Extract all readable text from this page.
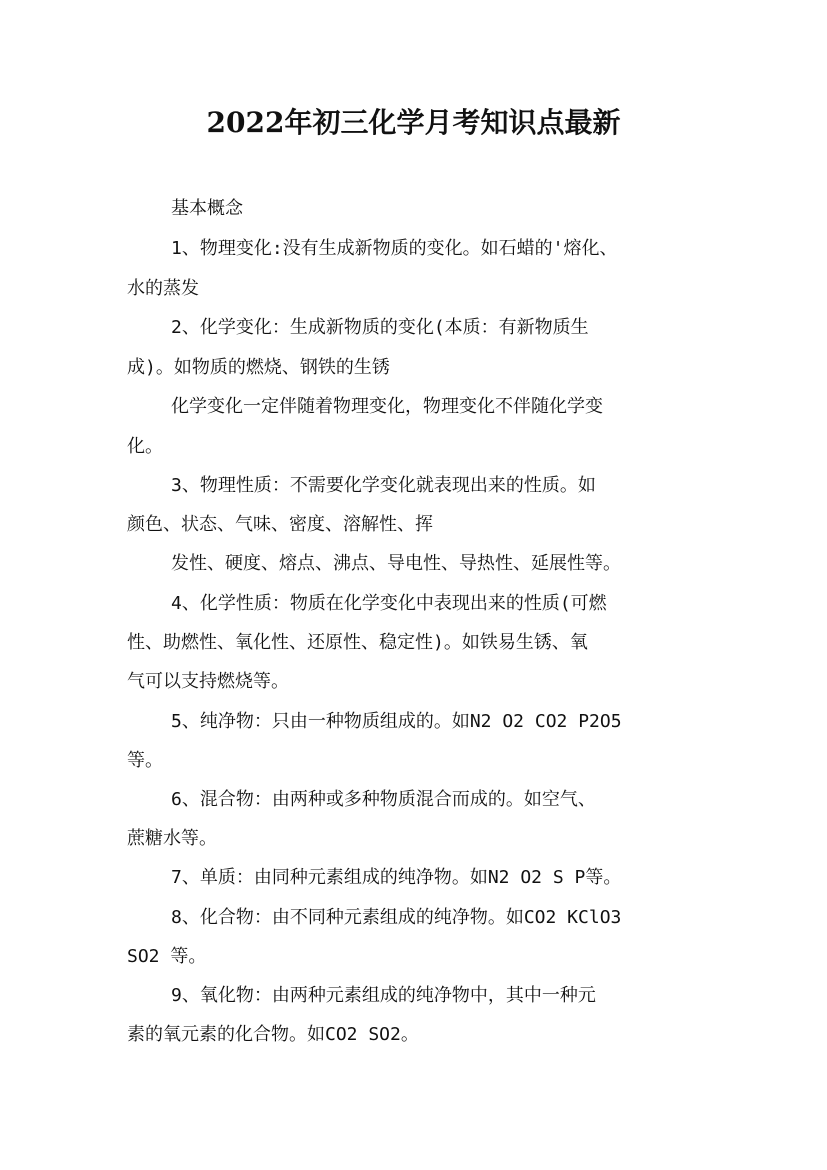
2022年初三化学月考知识点最新
基本概念
1、物理变化:没有生成新物质的变化。如石蜡的'熔化、
水的蒸发
2、化学变化：生成新物质的变化(本质：有新物质生
成)。如物质的燃烧、钢铁的生锈
化学变化一定伴随着物理变化，物理变化不伴随化学变
化。
3、物理性质：不需要化学变化就表现出来的性质。如
颜色、状态、气味、密度、溶解性、挥
发性、硬度、熔点、沸点、导电性、导热性、延展性等。
4、化学性质：物质在化学变化中表现出来的性质(可燃
性、助燃性、氧化性、还原性、稳定性)。如铁易生锈、氧
气可以支持燃烧等。
5、纯净物：只由一种物质组成的。如N2 O2 CO2 P2O5
等。
6、混合物：由两种或多种物质混合而成的。如空气、
蔗糖水等。
7、单质：由同种元素组成的纯净物。如N2 O2 S P等。
8、化合物：由不同种元素组成的纯净物。如CO2 KClO3
SO2 等。
9、氧化物：由两种元素组成的纯净物中，其中一种元
素的氧元素的化合物。如CO2 SO2。
